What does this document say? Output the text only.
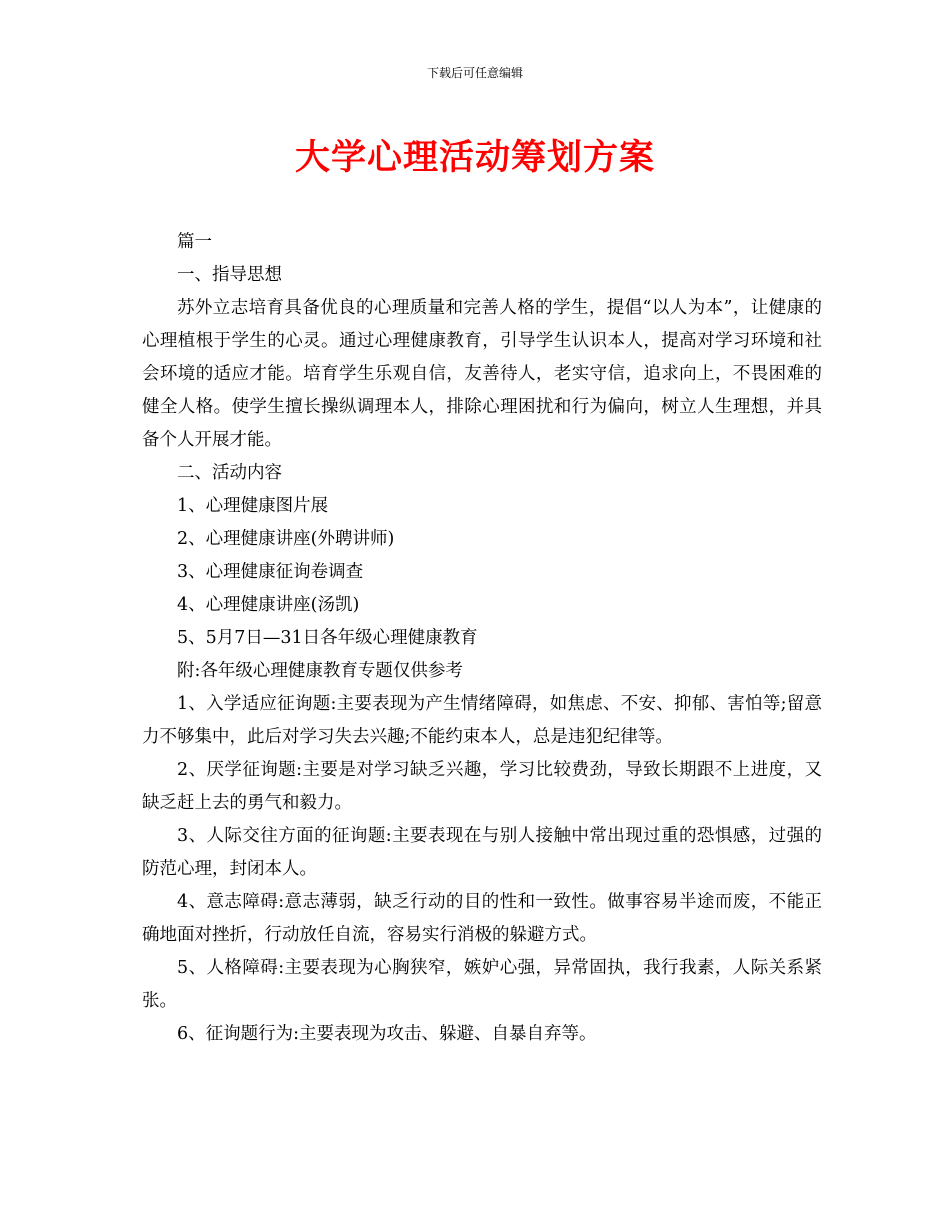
下载后可任意编辑
大学心理活动筹划方案

篇一

一、指导思想

苏外立志培育具备优良的心理质量和完善人格的学生，提倡“以人为本”，让健康的心理植根于学生的心灵。通过心理健康教育，引导学生认识本人，提高对学习环境和社会环境的适应才能。培育学生乐观自信，友善待人，老实守信，追求向上，不畏困难的健全人格。使学生擅长操纵调理本人，排除心理困扰和行为偏向，树立人生理想，并具备个人开展才能。

二、活动内容

1、心理健康图片展

2、心理健康讲座(外聘讲师)

3、心理健康征询卷调查

4、心理健康讲座(汤凯)

5、5月7日—31日各年级心理健康教育

附:各年级心理健康教育专题仅供参考

1、入学适应征询题:主要表现为产生情绪障碍，如焦虑、不安、抑郁、害怕等;留意力不够集中，此后对学习失去兴趣;不能约束本人，总是违犯纪律等。

2、厌学征询题:主要是对学习缺乏兴趣，学习比较费劲，导致长期跟不上进度，又缺乏赶上去的勇气和毅力。

3、人际交往方面的征询题:主要表现在与别人接触中常出现过重的恐惧感，过强的防范心理，封闭本人。

4、意志障碍:意志薄弱，缺乏行动的目的性和一致性。做事容易半途而废，不能正确地面对挫折，行动放任自流，容易实行消极的躲避方式。

5、人格障碍:主要表现为心胸狭窄，嫉妒心强，异常固执，我行我素，人际关系紧张。

6、征询题行为:主要表现为攻击、躲避、自暴自弃等。
